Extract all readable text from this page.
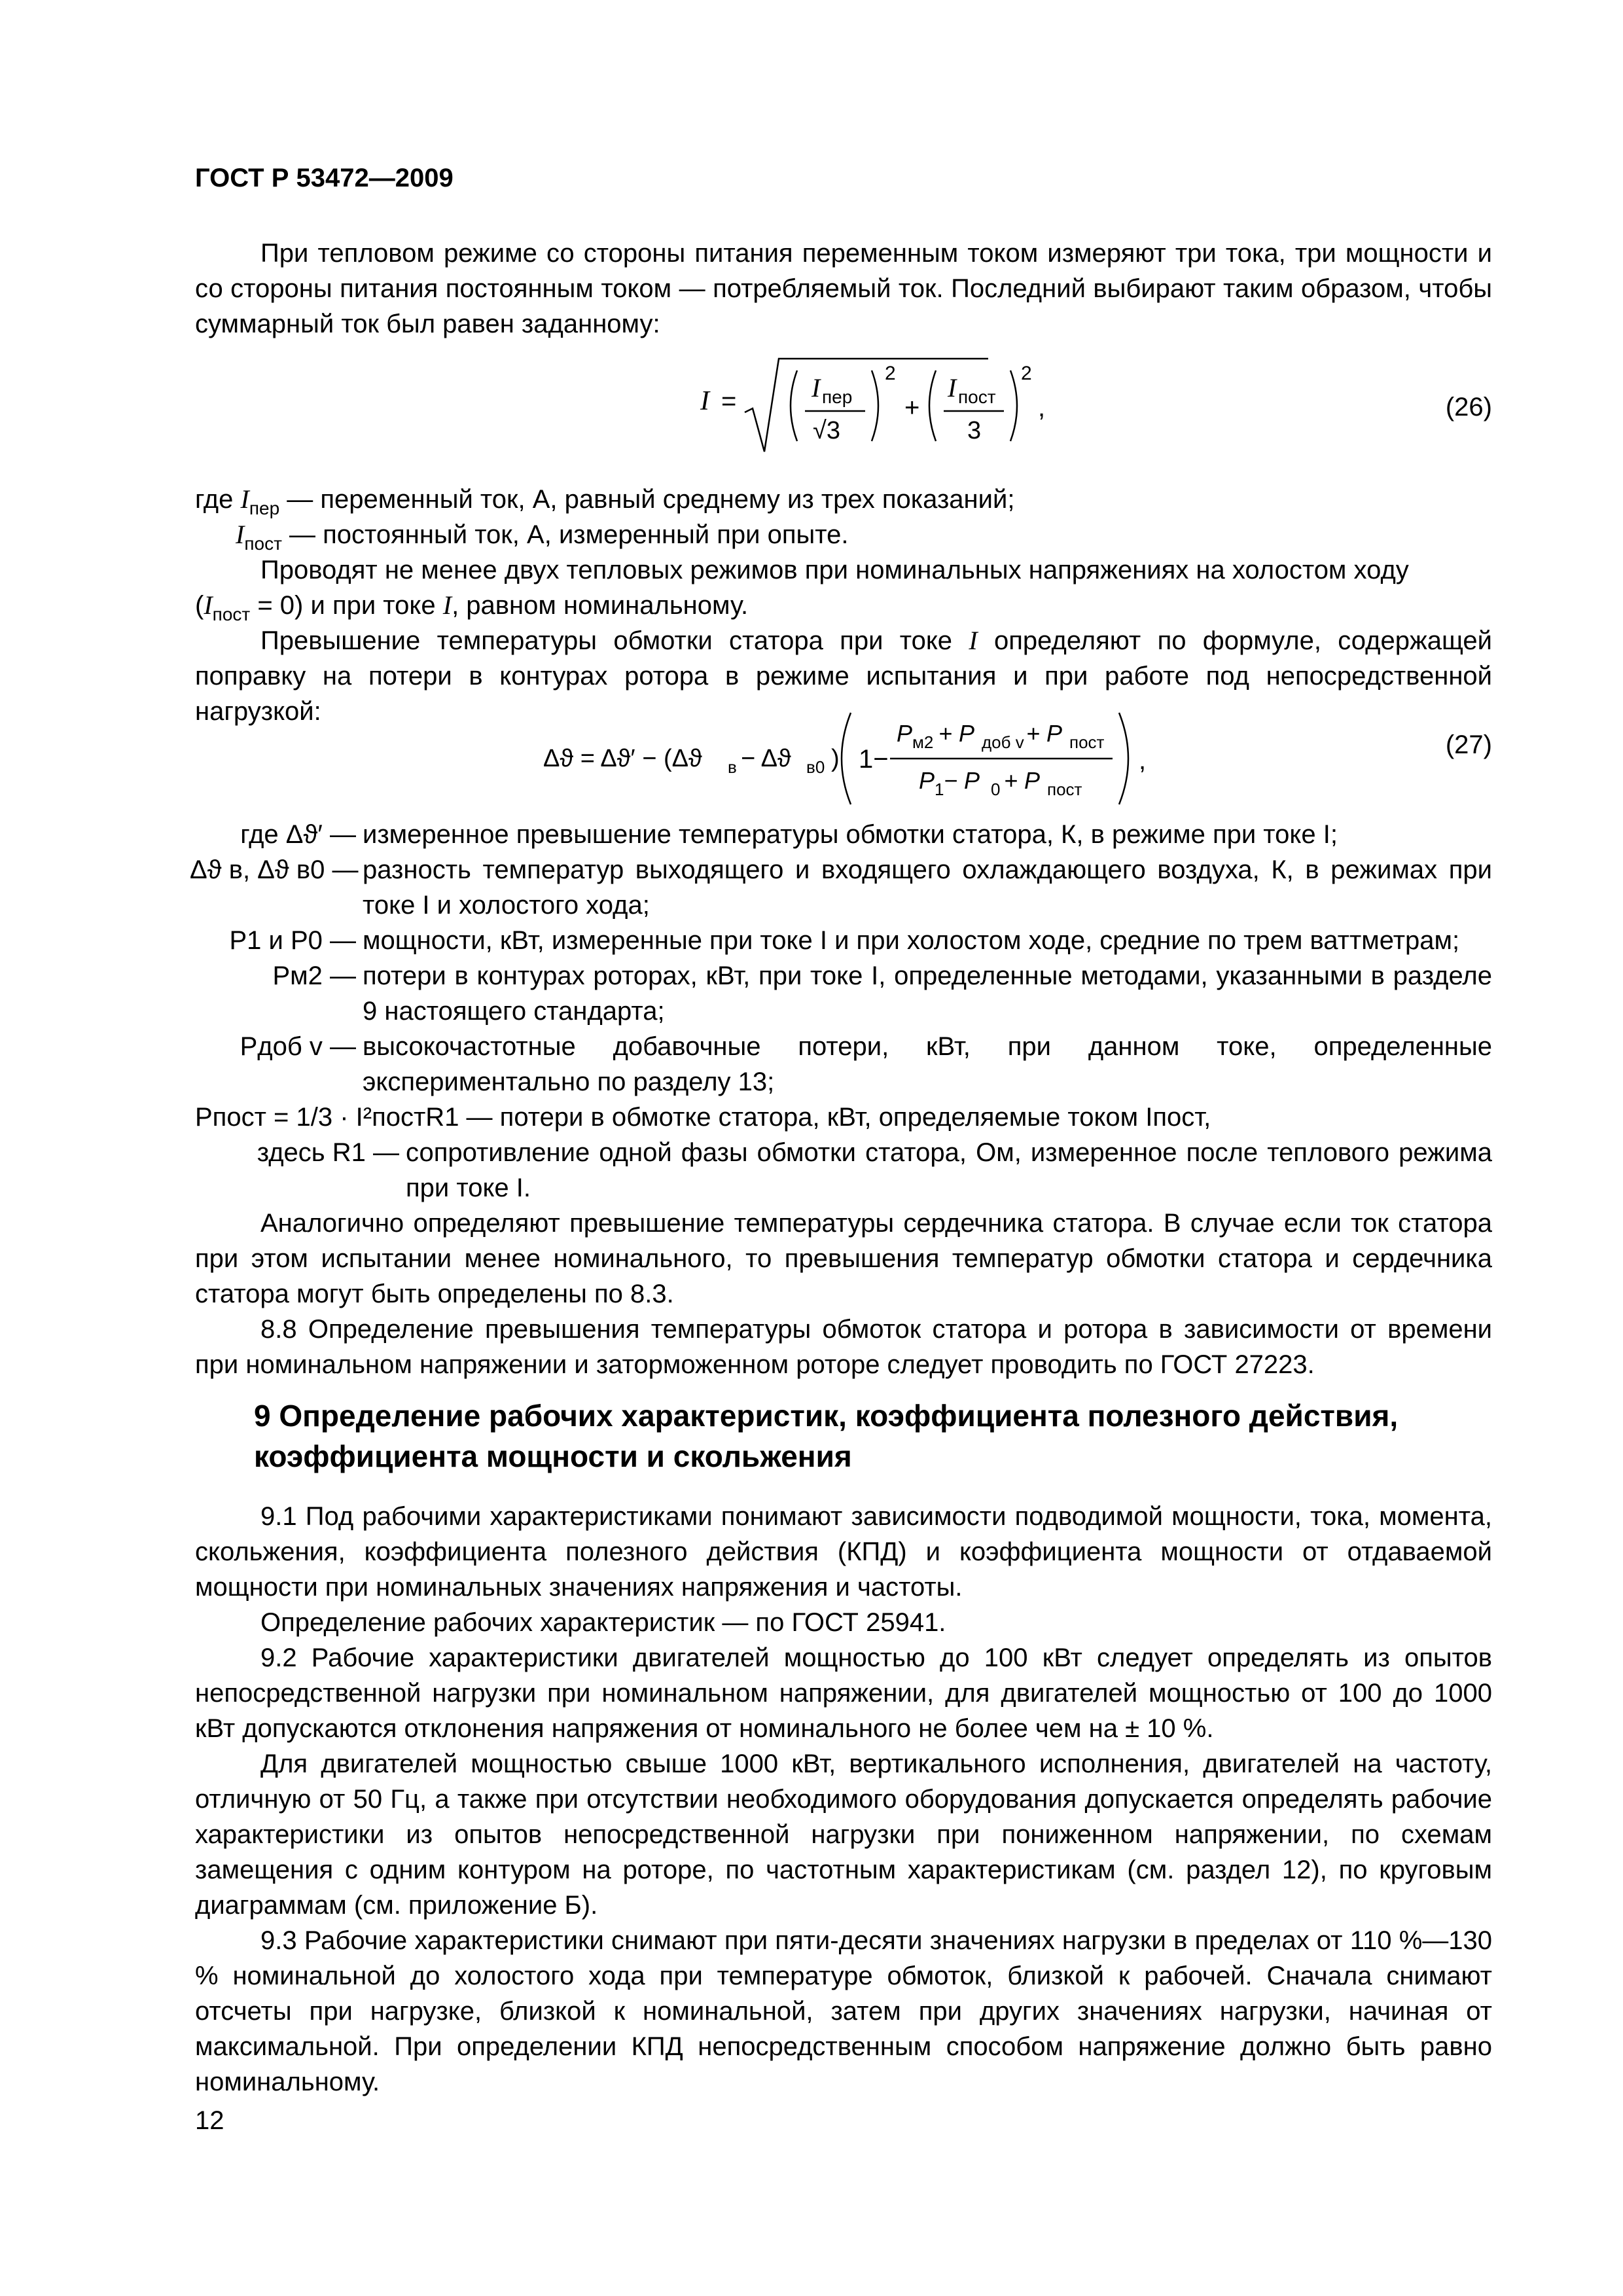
ГОСТ Р 53472—2009
При тепловом режиме со стороны питания переменным током измеряют три тока, три мощности и со стороны питания постоянным током — потребляемый ток. Последний выбирают таким образом, чтобы суммарный ток был равен заданному:
I =	I пер
√3
2
+
I пост
3
2
,	(26)
где $I_{пер}$ — переменный ток, А, равный среднему из трех показаний;
$I_{пост}$ — постоянный ток, А, измеренный при опыте.
Проводят не менее двух тепловых режимов при номинальных напряжениях на холостом ходу
$(I_{пост} = 0)$ и при токе I, равном номинальному.
Превышение температуры обмотки статора при токе I определяют по формуле, содержащей поправку на потери в контурах ротора в режиме испытания и при работе под непосредственной нагрузкой:
Δϑ = Δϑ′ − (Δϑ в − Δϑ в0 ) 1−
P м2 + P доб v + P пост
P 1 − P 0 + P пост
,
(27)
где Δϑ′ — измеренное превышение температуры обмотки статора, К, в режиме при токе I;
Δϑ в, Δϑ в0 — разность температур выходящего и входящего охлаждающего воздуха, К, в режимах при токе I и холостого хода;
P1 и P0 — мощности, кВт, измеренные при токе I и при холостом ходе, средние по трем ваттметрам;
Pм2 — потери в контурах роторах, кВт, при токе I, определенные методами, указанными в разделе 9 настоящего стандарта;
Pдоб v — высокочастотные добавочные потери, кВт, при данном токе, определенные экспериментально по разделу 13;
Pпост = 1/3 · I²постR1 — потери в обмотке статора, кВт, определяемые током Iпост,
здесь R1 — сопротивление одной фазы обмотки статора, Ом, измеренное после теплового режима при токе I.
Аналогично определяют превышение температуры сердечника статора. В случае если ток статора при этом испытании менее номинального, то превышения температур обмотки статора и сердечника статора могут быть определены по 8.3.
8.8 Определение превышения температуры обмоток статора и ротора в зависимости от времени при номинальном напряжении и заторможенном роторе следует проводить по ГОСТ 27223.
9 Определение рабочих характеристик, коэффициента полезного действия, коэффициента мощности и скольжения
9.1 Под рабочими характеристиками понимают зависимости подводимой мощности, тока, момента, скольжения, коэффициента полезного действия (КПД) и коэффициента мощности от отдаваемой мощности при номинальных значениях напряжения и частоты.
Определение рабочих характеристик — по ГОСТ 25941.
9.2 Рабочие характеристики двигателей мощностью до 100 кВт следует определять из опытов непосредственной нагрузки при номинальном напряжении, для двигателей мощностью от 100 до 1000 кВт допускаются отклонения напряжения от номинального не более чем на ± 10 %.
Для двигателей мощностью свыше 1000 кВт, вертикального исполнения, двигателей на частоту, отличную от 50 Гц, а также при отсутствии необходимого оборудования допускается определять рабочие характеристики из опытов непосредственной нагрузки при пониженном напряжении, по схемам замещения с одним контуром на роторе, по частотным характеристикам (см. раздел 12), по круговым диаграммам (см. приложение Б).
9.3 Рабочие характеристики снимают при пяти-десяти значениях нагрузки в пределах от 110 %—130 % номинальной до холостого хода при температуре обмоток, близкой к рабочей. Сначала снимают отсчеты при нагрузке, близкой к номинальной, затем при других значениях нагрузки, начиная от максимальной. При определении КПД непосредственным способом напряжение должно быть равно номинальному.
12
